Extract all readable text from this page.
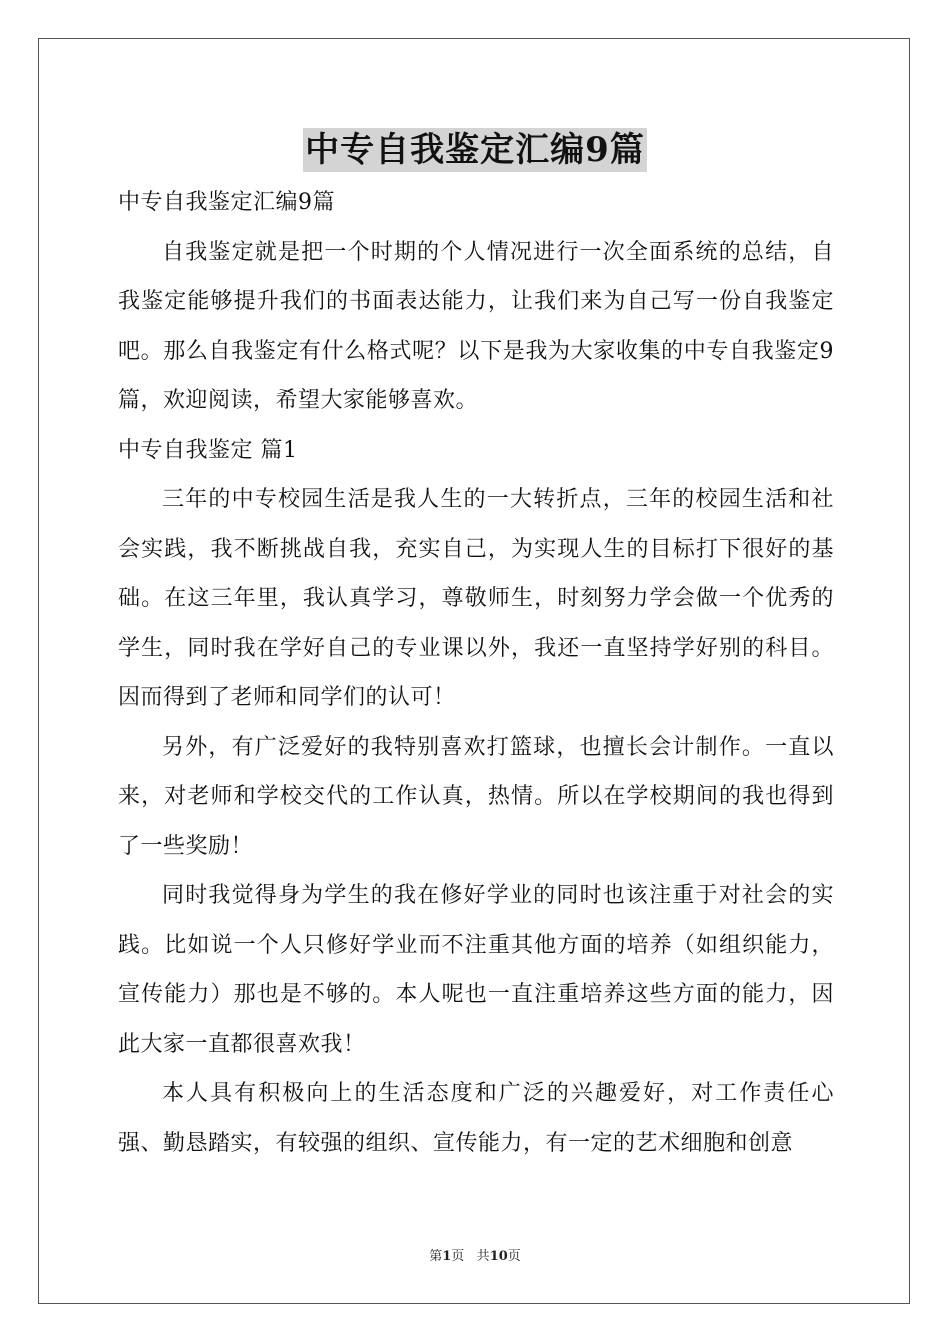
中专自我鉴定汇编9篇

中专自我鉴定汇编9篇

自我鉴定就是把一个时期的个人情况进行一次全面系统的总结，自我鉴定能够提升我们的书面表达能力，让我们来为自己写一份自我鉴定吧。那么自我鉴定有什么格式呢？以下是我为大家收集的中专自我鉴定9篇，欢迎阅读，希望大家能够喜欢。

中专自我鉴定 篇1

三年的中专校园生活是我人生的一大转折点，三年的校园生活和社会实践，我不断挑战自我，充实自己，为实现人生的目标打下很好的基础。在这三年里，我认真学习，尊敬师生，时刻努力学会做一个优秀的学生，同时我在学好自己的专业课以外，我还一直坚持学好别的科目。因而得到了老师和同学们的认可！

另外，有广泛爱好的我特别喜欢打篮球，也擅长会计制作。一直以来，对老师和学校交代的工作认真，热情。所以在学校期间的我也得到了一些奖励！

同时我觉得身为学生的我在修好学业的同时也该注重于对社会的实践。比如说一个人只修好学业而不注重其他方面的培养（如组织能力，宣传能力）那也是不够的。本人呢也一直注重培养这些方面的能力，因此大家一直都很喜欢我！

本人具有积极向上的生活态度和广泛的兴趣爱好，对工作责任心强、勤恳踏实，有较强的组织、宣传能力，有一定的艺术细胞和创意

第1页 共10页
